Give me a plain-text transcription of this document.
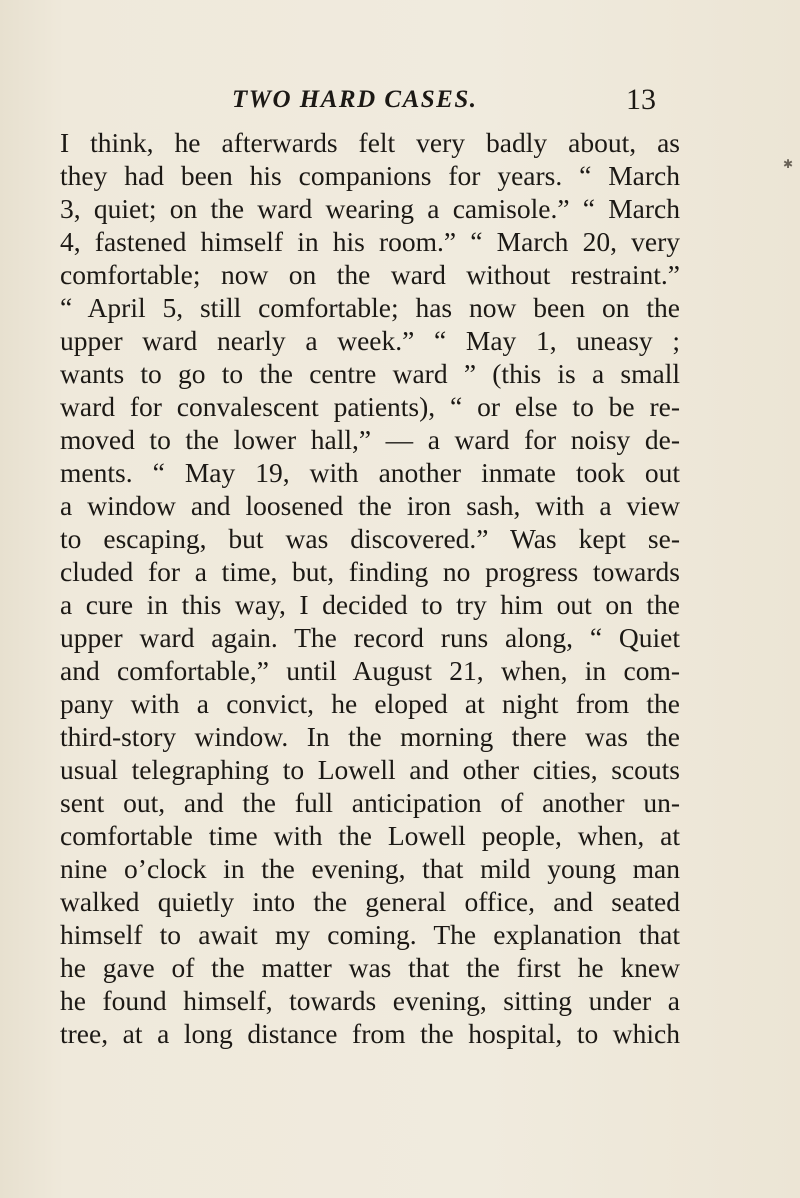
TWO HARD CASES.	13
✱
I think, he afterwards felt very badly about, as
they had been his companions for years. “ March
3, quiet; on the ward wearing a camisole.” “ March
4, fastened himself in his room.” “ March 20, very
comfortable; now on the ward without restraint.”
“ April 5, still comfortable; has now been on the
upper ward nearly a week.” “ May 1, uneasy ;
wants to go to the centre ward ” (this is a small
ward for convalescent patients), “ or else to be re-
moved to the lower hall,” — a ward for noisy de-
ments. “ May 19, with another inmate took out
a window and loosened the iron sash, with a view
to escaping, but was discovered.” Was kept se-
cluded for a time, but, finding no progress towards
a cure in this way, I decided to try him out on the
upper ward again. The record runs along, “ Quiet
and comfortable,” until August 21, when, in com-
pany with a convict, he eloped at night from the
third-story window. In the morning there was the
usual telegraphing to Lowell and other cities, scouts
sent out, and the full anticipation of another un-
comfortable time with the Lowell people, when, at
nine o’clock in the evening, that mild young man
walked quietly into the general office, and seated
himself to await my coming. The explanation that
he gave of the matter was that the first he knew
he found himself, towards evening, sitting under a
tree, at a long distance from the hospital, to which
